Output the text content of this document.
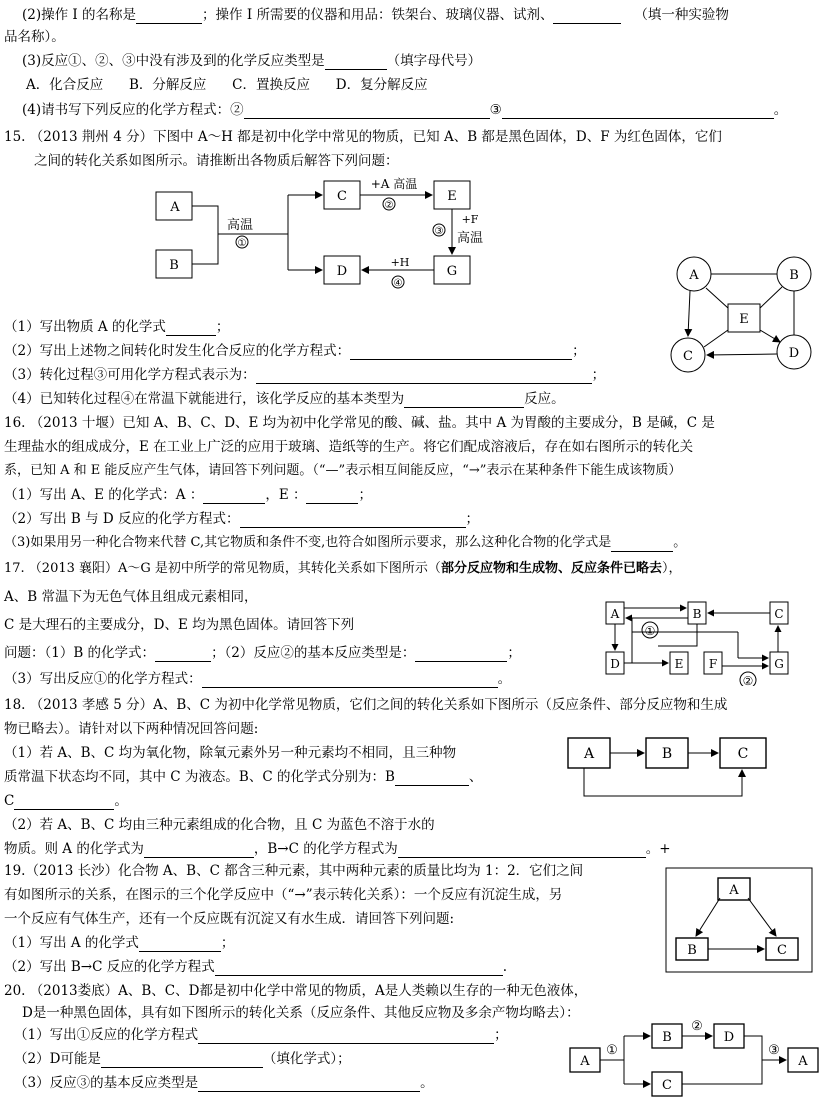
(2)操作 I 的名称是	；操作 I 所需要的仪器和用品：铁架台、玻璃仪器、试剂、	（填一种实验物
品名称）。
(3)反应①、②、③中没有涉及到的化学反应类型是	（填字母代号）
A．化合反应 B．分解反应 C．置换反应 D．复分解反应
(4)请书写下列反应的化学方程式：②	③	。
15. （2013 荆州 4 分）下图中 A～H 都是初中化学中常见的物质，已知 A、B 都是黑色固体，D、F 为红色固体，它们
之间的转化关系如图所示。请推断出各物质后解答下列问题：
A
B
C	E
D	G
高温
①
+A 高温
②
+F
高温
③
+H
④
A	B
C	D
E
（1）写出物质 A 的化学式	；
（2）写出上述物之间转化时发生化合反应的化学方程式：	；
（3）转化过程③可用化学方程式表示为：	；
（4）已知转化过程④在常温下就能进行，该化学反应的基本类型为	反应。
16. （2013 十堰）已知 A、B、C、D、E 均为初中化学常见的酸、碱、盐。其中 A 为胃酸的主要成分，B 是碱，C 是
生理盐水的组成成分，E 在工业上广泛的应用于玻璃、造纸等的生产。将它们配成溶液后，存在如右图所示的转化关
系，已知 A 和 E 能反应产生气体，请回答下列问题。（“—”表示相互间能反应，“→”表示在某种条件下能生成该物质）
（1）写出 A、E 的化学式：A ：	，E ：	；
（2）写出 B 与 D 反应的化学方程式：	；
（3)如果用另一种化合物来代替 C,其它物质和条件不变,也符合如图所示要求，那么这种化合物的化学式是	。
17. （2013 襄阳）A～G 是初中所学的常见物质，其转化关系如下图所示（部分反应物和生成物、反应条件已略去），
A、B 常温下为无色气体且组成元素相同，
C 是大理石的主要成分，D、E 均为黑色固体。请回答下列
问题：（1）B 的化学式：	；（2）反应②的基本反应类型是：	；
（3）写出反应①的化学方程式：	。
A	B	C
D	E F	G
①
②
18. （2013 孝感 5 分）A、B、C 为初中化学常见物质，它们之间的转化关系如下图所示（反应条件、部分反应物和生成
物已略去）。请针对以下两种情况回答问题:
（1）若 A、B、C 均为氧化物，除氧元素外另一种元素均不相同，且三种物
质常温下状态均不同，其中 C 为液态。B、C 的化学式分别为：B	、
C	。
（2）若 A、B、C 均由三种元素组成的化合物，且 C 为蓝色不溶于水的
物质。则 A 的化学式为	，B→C 的化学方程式为	。+
A	B	C
19.（2013 长沙）化合物 A、B、C 都含三种元素，其中两种元素的质量比均为 1：2．它们之间
有如图所示的关系，在图示的三个化学反应中（“→”表示转化关系）：一个反应有沉淀生成，另
一个反应有气体生产，还有一个反应既有沉淀又有水生成．请回答下列问题:
（1）写出 A 的化学式	；
（2）写出 B→C 反应的化学方程式	.
A
B	C
20. （2013娄底）A、B、C、D都是初中化学中常见的物质，A是人类赖以生存的一种无色液体，
D是一种黑色固体，具有如下图所示的转化关系（反应条件、其他反应物及多余产物均略去）：
（1）写出①反应的化学方程式	；
（2）D可能是	（填化学式）；
（3）反应③的基本反应类型是	。
A
B	D
C
A
①
②
③
